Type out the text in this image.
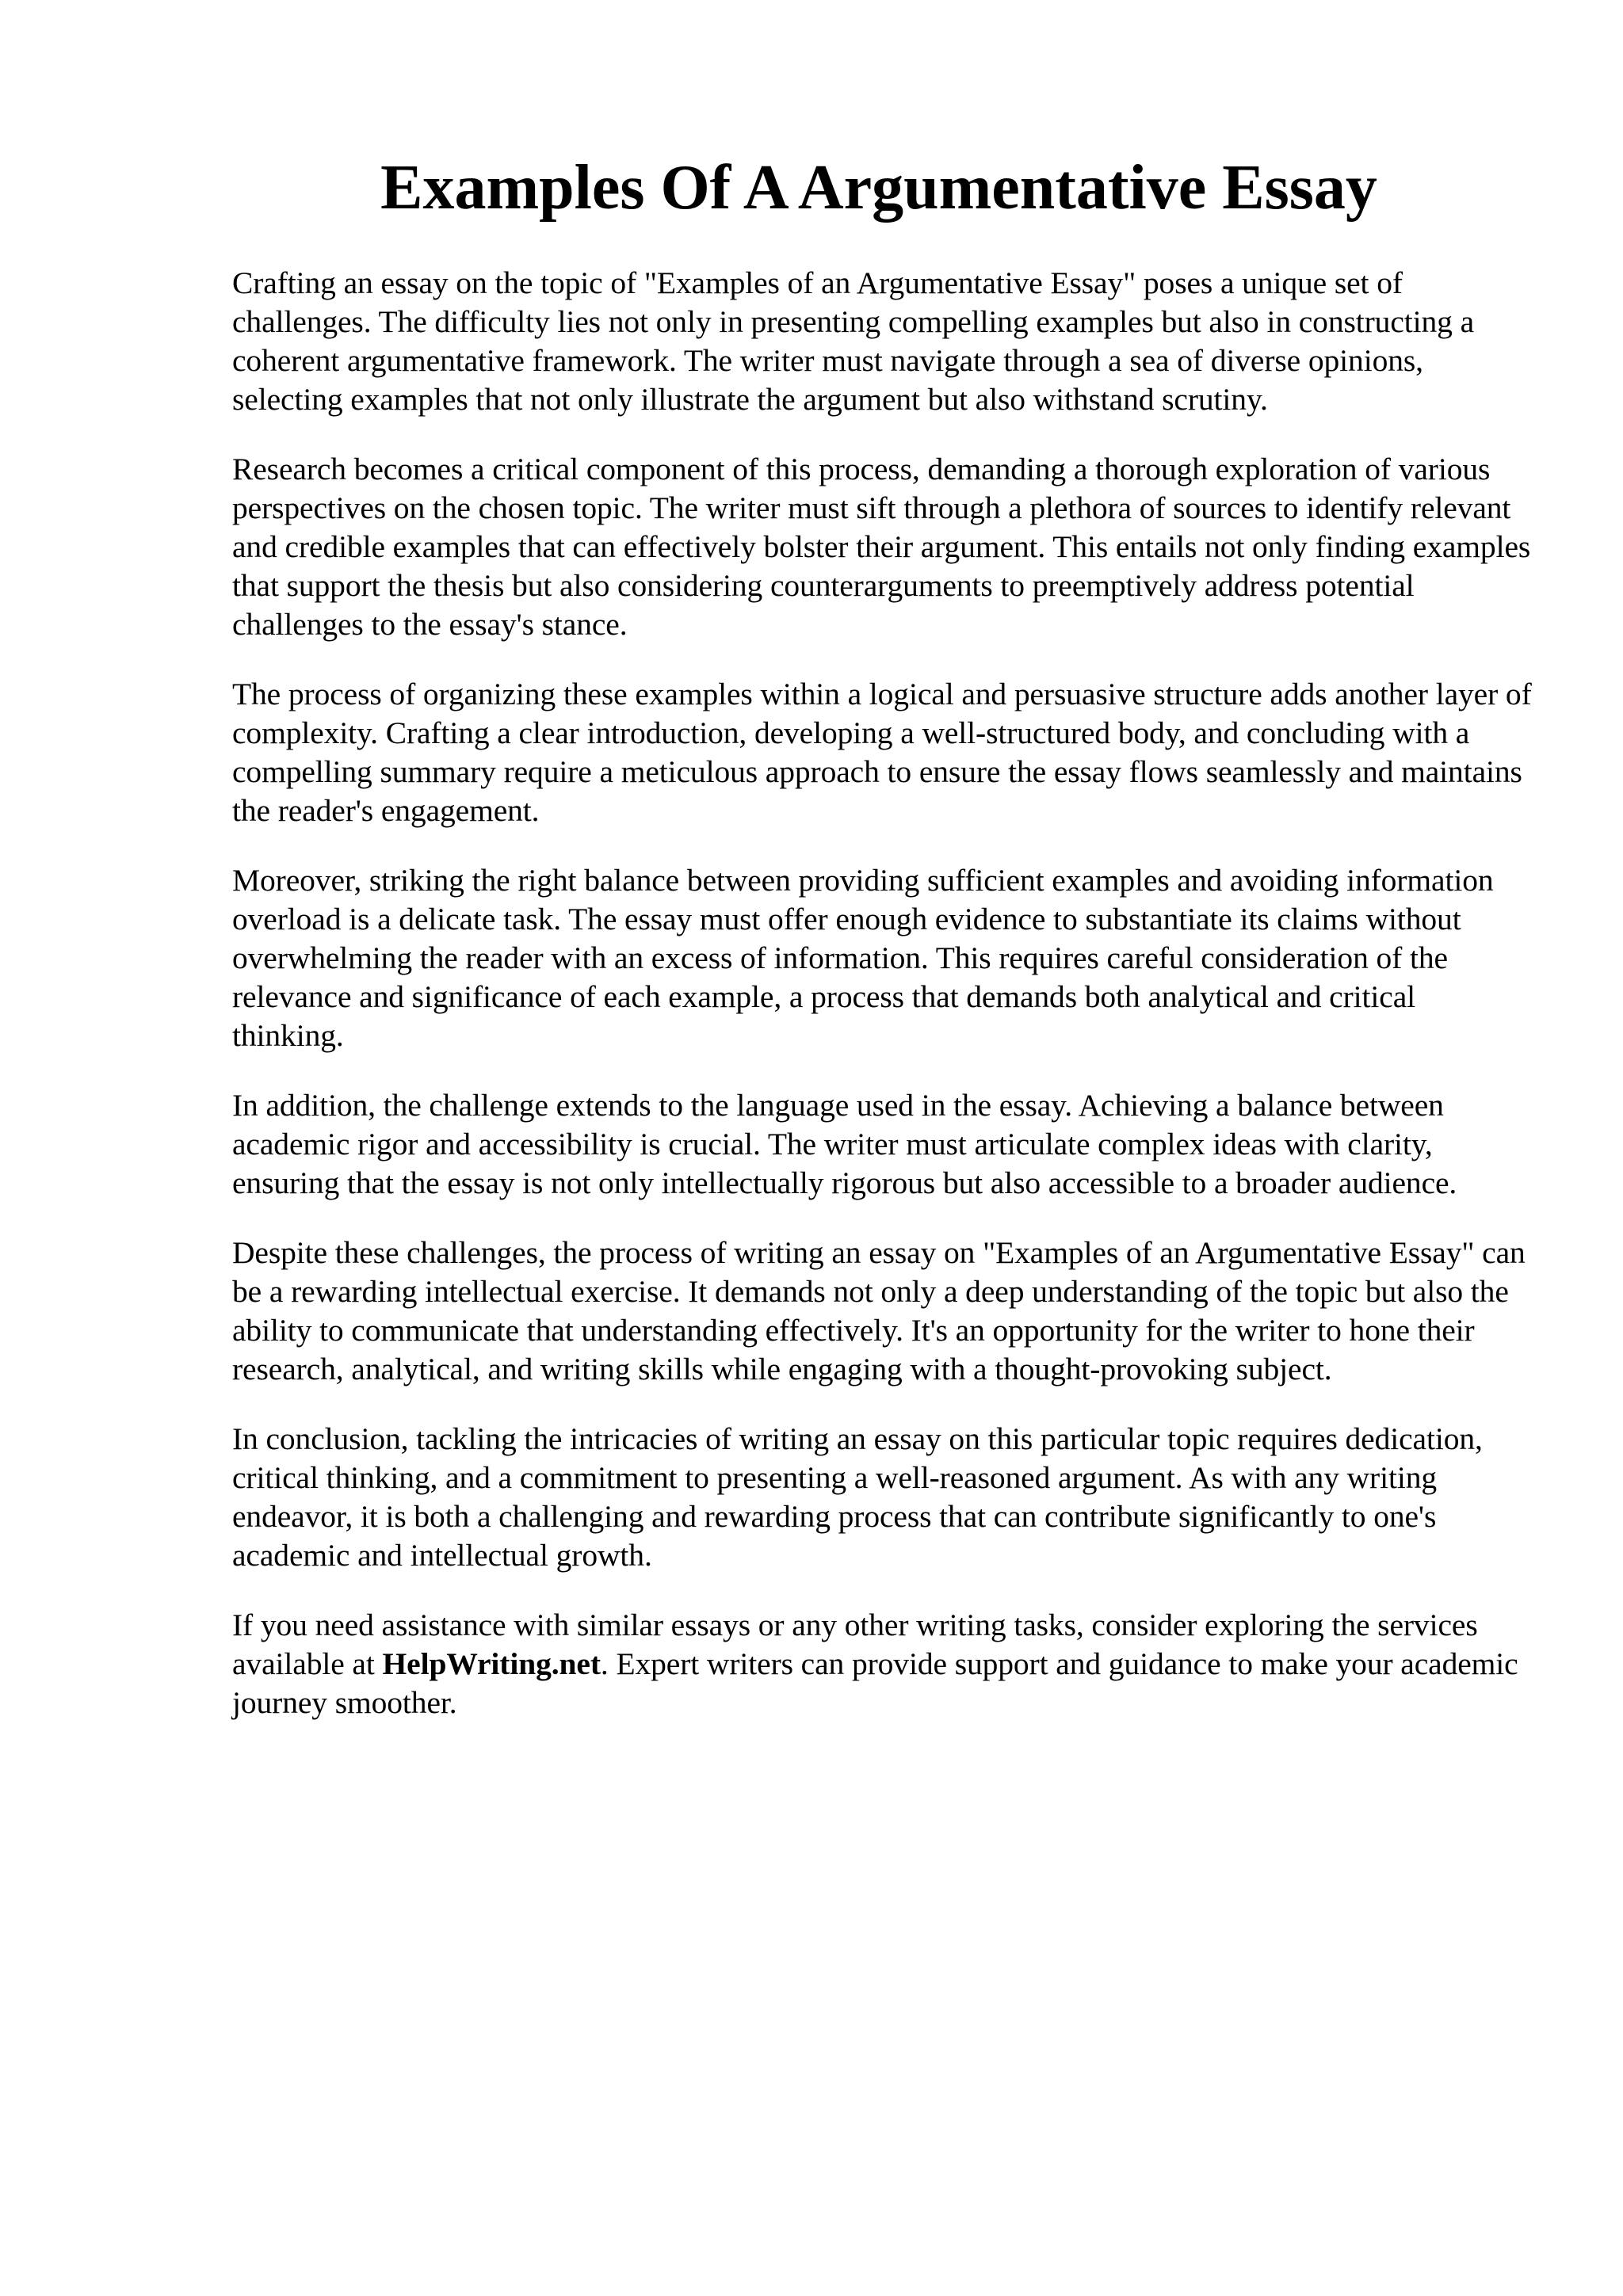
Examples Of A Argumentative Essay

Crafting an essay on the topic of "Examples of an Argumentative Essay" poses a unique set of challenges. The difficulty lies not only in presenting compelling examples but also in constructing a coherent argumentative framework. The writer must navigate through a sea of diverse opinions, selecting examples that not only illustrate the argument but also withstand scrutiny.

Research becomes a critical component of this process, demanding a thorough exploration of various perspectives on the chosen topic. The writer must sift through a plethora of sources to identify relevant and credible examples that can effectively bolster their argument. This entails not only finding examples that support the thesis but also considering counterarguments to preemptively address potential challenges to the essay's stance.

The process of organizing these examples within a logical and persuasive structure adds another layer of complexity. Crafting a clear introduction, developing a well-structured body, and concluding with a compelling summary require a meticulous approach to ensure the essay flows seamlessly and maintains the reader's engagement.

Moreover, striking the right balance between providing sufficient examples and avoiding information overload is a delicate task. The essay must offer enough evidence to substantiate its claims without overwhelming the reader with an excess of information. This requires careful consideration of the relevance and significance of each example, a process that demands both analytical and critical thinking.

In addition, the challenge extends to the language used in the essay. Achieving a balance between academic rigor and accessibility is crucial. The writer must articulate complex ideas with clarity, ensuring that the essay is not only intellectually rigorous but also accessible to a broader audience.

Despite these challenges, the process of writing an essay on "Examples of an Argumentative Essay" can be a rewarding intellectual exercise. It demands not only a deep understanding of the topic but also the ability to communicate that understanding effectively. It's an opportunity for the writer to hone their research, analytical, and writing skills while engaging with a thought-provoking subject.

In conclusion, tackling the intricacies of writing an essay on this particular topic requires dedication, critical thinking, and a commitment to presenting a well-reasoned argument. As with any writing endeavor, it is both a challenging and rewarding process that can contribute significantly to one's academic and intellectual growth.

If you need assistance with similar essays or any other writing tasks, consider exploring the services available at HelpWriting.net. Expert writers can provide support and guidance to make your academic journey smoother.
